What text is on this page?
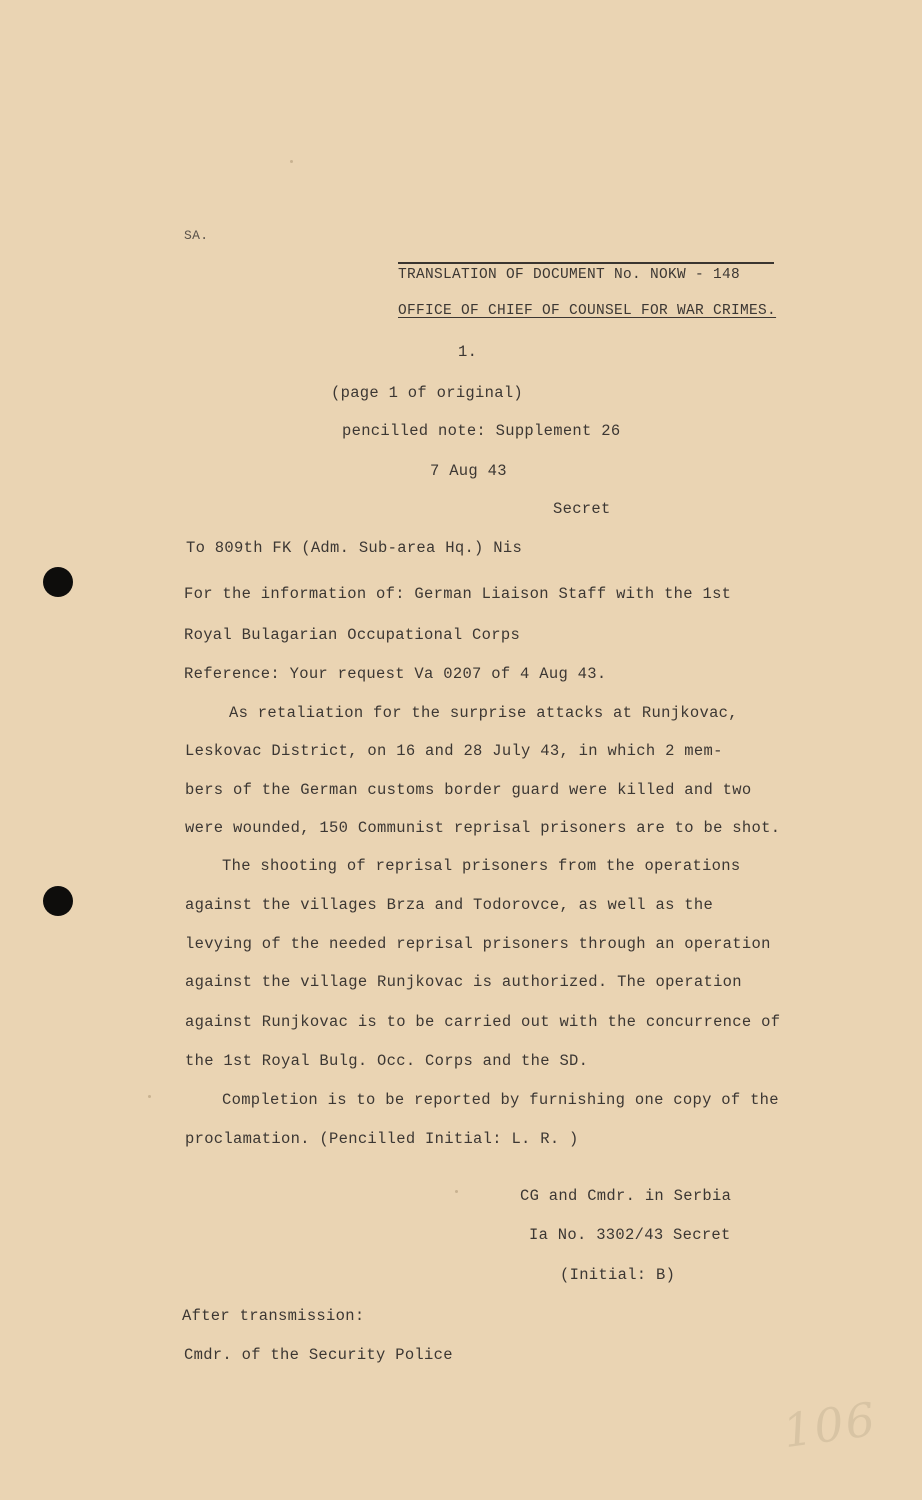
SA.
TRANSLATION OF DOCUMENT No. NOKW - 148
OFFICE OF CHIEF OF COUNSEL FOR WAR CRIMES.
1.
(page 1 of original)
pencilled note: Supplement 26
7 Aug 43
Secret
To 809th FK (Adm. Sub-area Hq.) Nis
For the information of: German Liaison Staff with the 1st
Royal Bulagarian Occupational Corps
Reference: Your request Va 0207 of 4 Aug 43.
As retaliation for the surprise attacks at Runjkovac,
Leskovac District, on 16 and 28 July 43, in which 2 mem-
bers of the German customs border guard were killed and two
were wounded, 150 Communist reprisal prisoners are to be shot.
The shooting of reprisal prisoners from the operations
against the villages Brza and Todorovce, as well as the
levying of the needed reprisal prisoners through an operation
against the village Runjkovac is authorized. The operation
against Runjkovac is to be carried out with the concurrence of
the 1st Royal Bulg. Occ. Corps and the SD.
Completion is to be reported by furnishing one copy of the
proclamation. (Pencilled Initial: L. R. )
CG and Cmdr. in Serbia
Ia No. 3302/43 Secret
(Initial: B)
After transmission:
Cmdr. of the Security Police
106
